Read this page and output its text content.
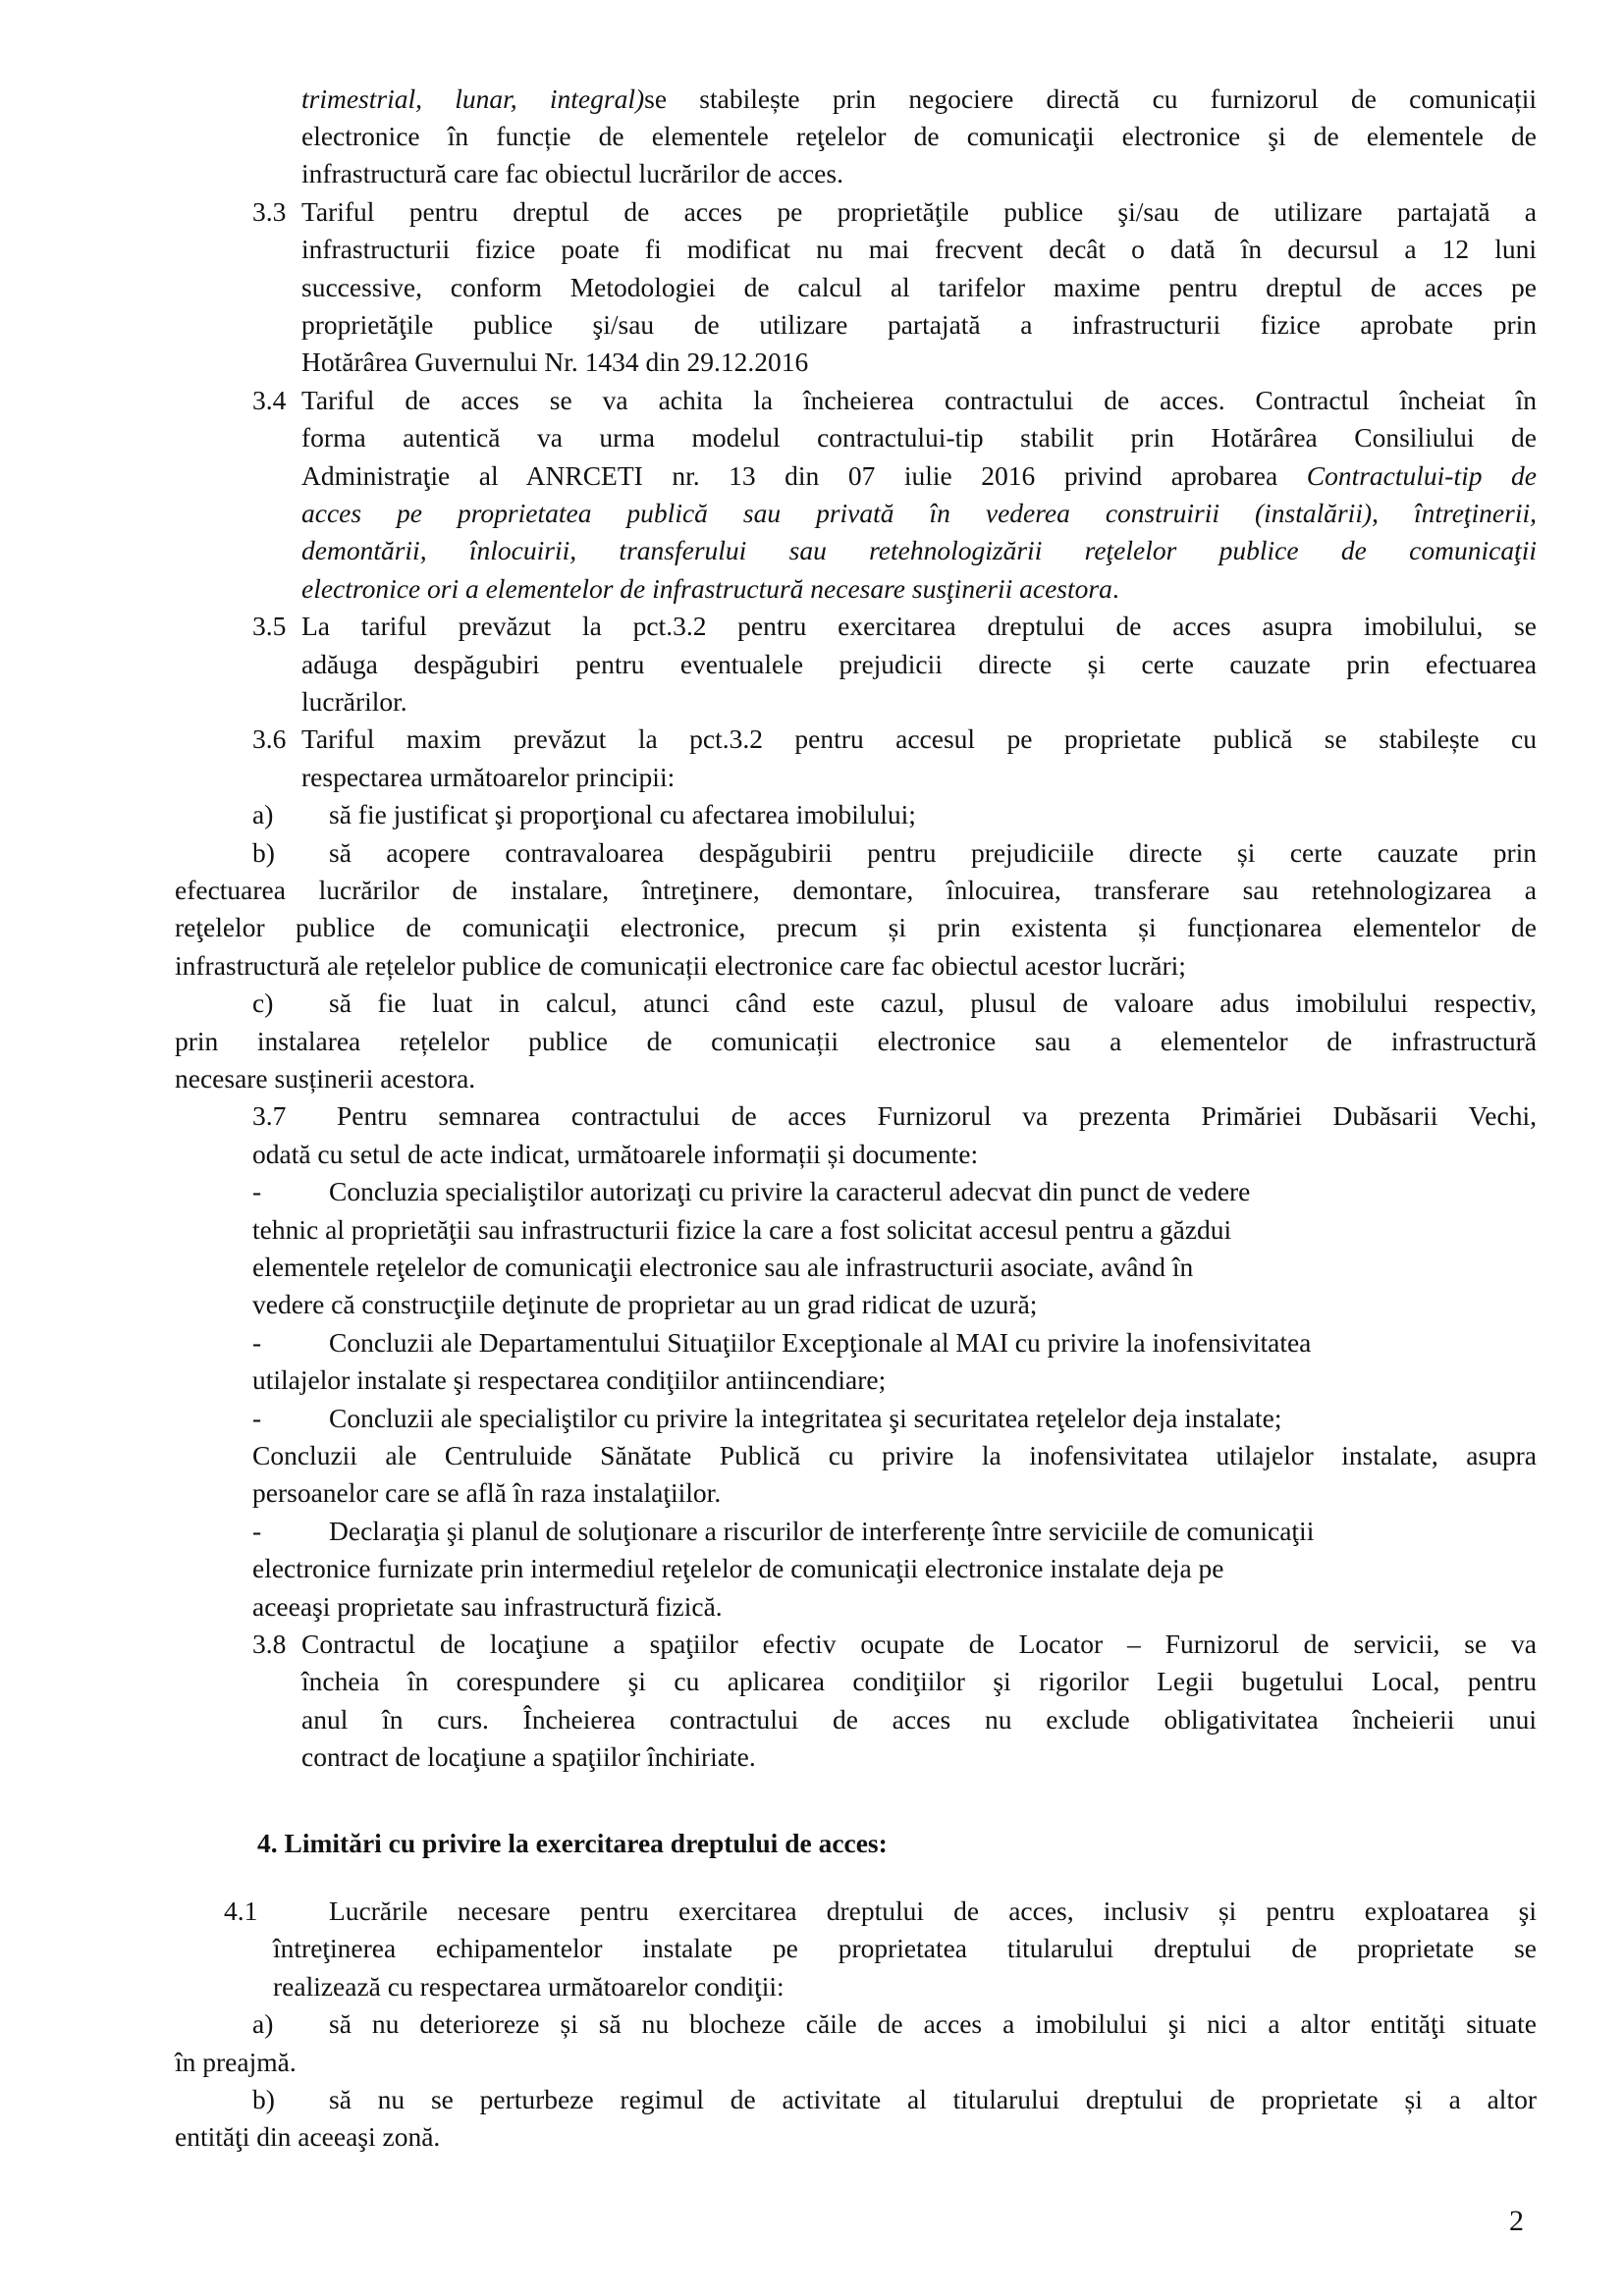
trimestrial, lunar, integral)se stabilește prin negociere directă cu furnizorul de comunicații
electronice în funcție de elementele reţelelor de comunicaţii electronice şi de elementele de
infrastructură care fac obiectul lucrărilor de acces.
3.3 Tariful pentru dreptul de acces pe proprietăţile publice şi/sau de utilizare partajată a
infrastructurii fizice poate fi modificat nu mai frecvent decât o dată în decursul a 12 luni
successive, conform Metodologiei de calcul al tarifelor maxime pentru dreptul de acces pe
proprietăţile publice şi/sau de utilizare partajată a infrastructurii fizice aprobate prin
Hotărârea Guvernului Nr. 1434 din 29.12.2016
3.4 Tariful de acces se va achita la încheierea contractului de acces. Contractul încheiat în
forma autentică va urma modelul contractului-tip stabilit prin Hotărârea Consiliului de
Administraţie al ANRCETI nr. 13 din 07 iulie 2016 privind aprobarea Contractului-tip de
acces pe proprietatea publică sau privată în vederea construirii (instalării), întreţinerii,
demontării, înlocuirii, transferului sau retehnologizării reţelelor publice de comunicaţii
electronice ori a elementelor de infrastructură necesare susţinerii acestora.
3.5 La tariful prevăzut la pct.3.2 pentru exercitarea dreptului de acces asupra imobilului, se
adăuga despăgubiri pentru eventualele prejudicii directe și certe cauzate prin efectuarea
lucrărilor.
3.6 Tariful maxim prevăzut la pct.3.2 pentru accesul pe proprietate publică se stabilește cu
respectarea următoarelor principii:
a) să fie justificat şi proporţional cu afectarea imobilului;
b) să acopere contravaloarea despăgubirii pentru prejudiciile directe și certe cauzate prin
efectuarea lucrărilor de instalare, întreţinere, demontare, înlocuirea, transferare sau retehnologizarea a
reţelelor publice de comunicaţii electronice, precum și prin existenta și funcționarea elementelor de
infrastructură ale rețelelor publice de comunicații electronice care fac obiectul acestor lucrări;
c) să fie luat in calcul, atunci când este cazul, plusul de valoare adus imobilului respectiv,
prin instalarea rețelelor publice de comunicații electronice sau a elementelor de infrastructură
necesare susținerii acestora.
3.7 Pentru semnarea contractului de acces Furnizorul va prezenta Primăriei Dubăsarii Vechi,
odată cu setul de acte indicat, următoarele informații și documente:
-	Concluzia specialiştilor autorizaţi cu privire la caracterul adecvat din punct de vedere
tehnic al proprietăţii sau infrastructurii fizice la care a fost solicitat accesul pentru a găzdui
elementele reţelelor de comunicaţii electronice sau ale infrastructurii asociate, având în
vedere că construcţiile deţinute de proprietar au un grad ridicat de uzură;
-	Concluzii ale Departamentului Situaţiilor Excepţionale al MAI cu privire la inofensivitatea
utilajelor instalate şi respectarea condiţiilor antiincendiare;
-	Concluzii ale specialiştilor cu privire la integritatea şi securitatea reţelelor deja instalate;
Concluzii ale Centruluide Sănătate Publică cu privire la inofensivitatea utilajelor instalate, asupra
persoanelor care se află în raza instalaţiilor.
-	Declaraţia şi planul de soluţionare a riscurilor de interferenţe între serviciile de comunicaţii
electronice furnizate prin intermediul reţelelor de comunicaţii electronice instalate deja pe
aceeaşi proprietate sau infrastructură fizică.
3.8 Contractul de locaţiune a spaţiilor efectiv ocupate de Locator – Furnizorul de servicii, se va
încheia în corespundere şi cu aplicarea condiţiilor şi rigorilor Legii bugetului Local, pentru
anul în curs. Încheierea contractului de acces nu exclude obligativitatea încheierii unui
contract de locaţiune a spaţiilor închiriate.
4. Limitări cu privire la exercitarea dreptului de acces:
4.1	Lucrările necesare pentru exercitarea dreptului de acces, inclusiv și pentru exploatarea şi
întreţinerea echipamentelor instalate pe proprietatea titularului dreptului de proprietate se
realizează cu respectarea următoarelor condiţii:
a) să nu deterioreze și să nu blocheze căile de acces a imobilului şi nici a altor entităţi situate
în preajmă.
b) să nu se perturbeze regimul de activitate al titularului dreptului de proprietate și a altor
entităţi din aceeaşi zonă.
2
